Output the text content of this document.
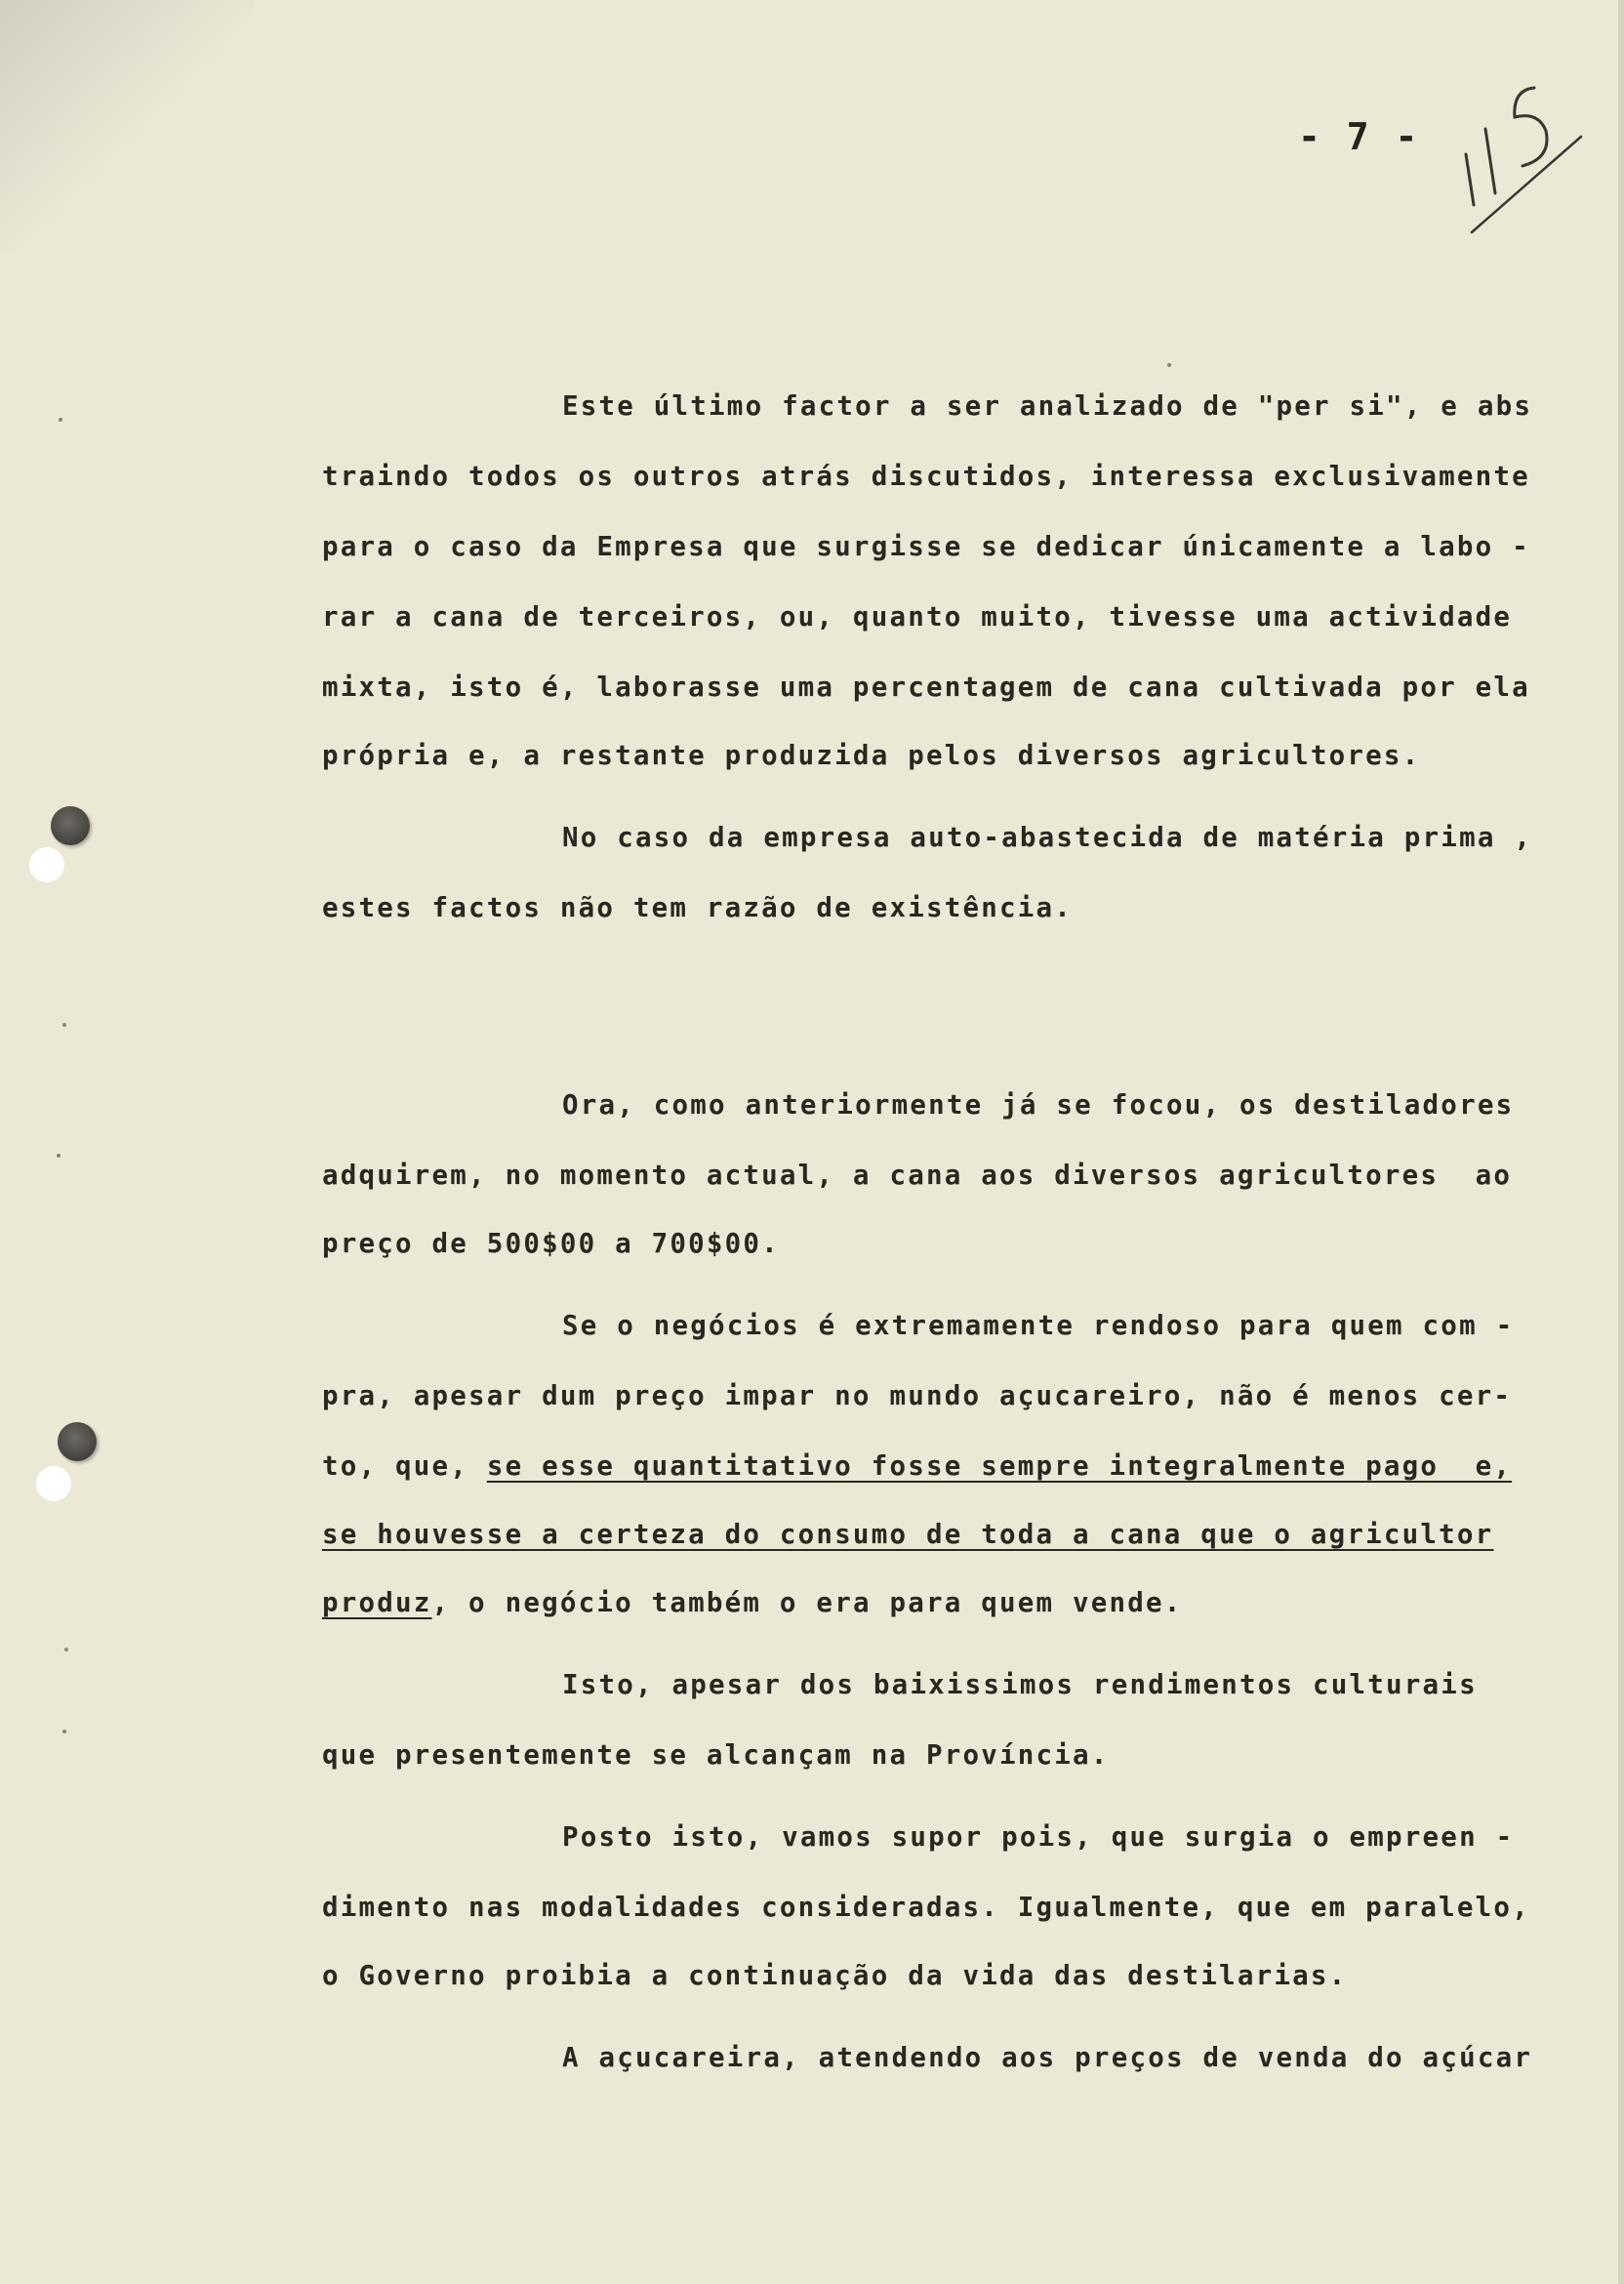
- 7 -
Este último factor a ser analizado de "per si", e abs
traindo todos os outros atrás discutidos, interessa exclusivamente
para o caso da Empresa que surgisse se dedicar únicamente a labo -
rar a cana de terceiros, ou, quanto muito, tivesse uma actividade
mixta, isto é, laborasse uma percentagem de cana cultivada por ela
própria e, a restante produzida pelos diversos agricultores.
No caso da empresa auto-abastecida de matéria prima ,
estes factos não tem razão de existência.
Ora, como anteriormente já se focou, os destiladores
adquirem, no momento actual, a cana aos diversos agricultores  ao
preço de 500$00 a 700$00.
Se o negócios é extremamente rendoso para quem com -
pra, apesar dum preço impar no mundo açucareiro, não é menos cer-
to, que, se esse quantitativo fosse sempre integralmente pago  e,
se houvesse a certeza do consumo de toda a cana que o agricultor
produz, o negócio também o era para quem vende.
Isto, apesar dos baixissimos rendimentos culturais
que presentemente se alcançam na Província.
Posto isto, vamos supor pois, que surgia o empreen -
dimento nas modalidades consideradas. Igualmente, que em paralelo,
o Governo proibia a continuação da vida das destilarias.
A açucareira, atendendo aos preços de venda do açúcar
